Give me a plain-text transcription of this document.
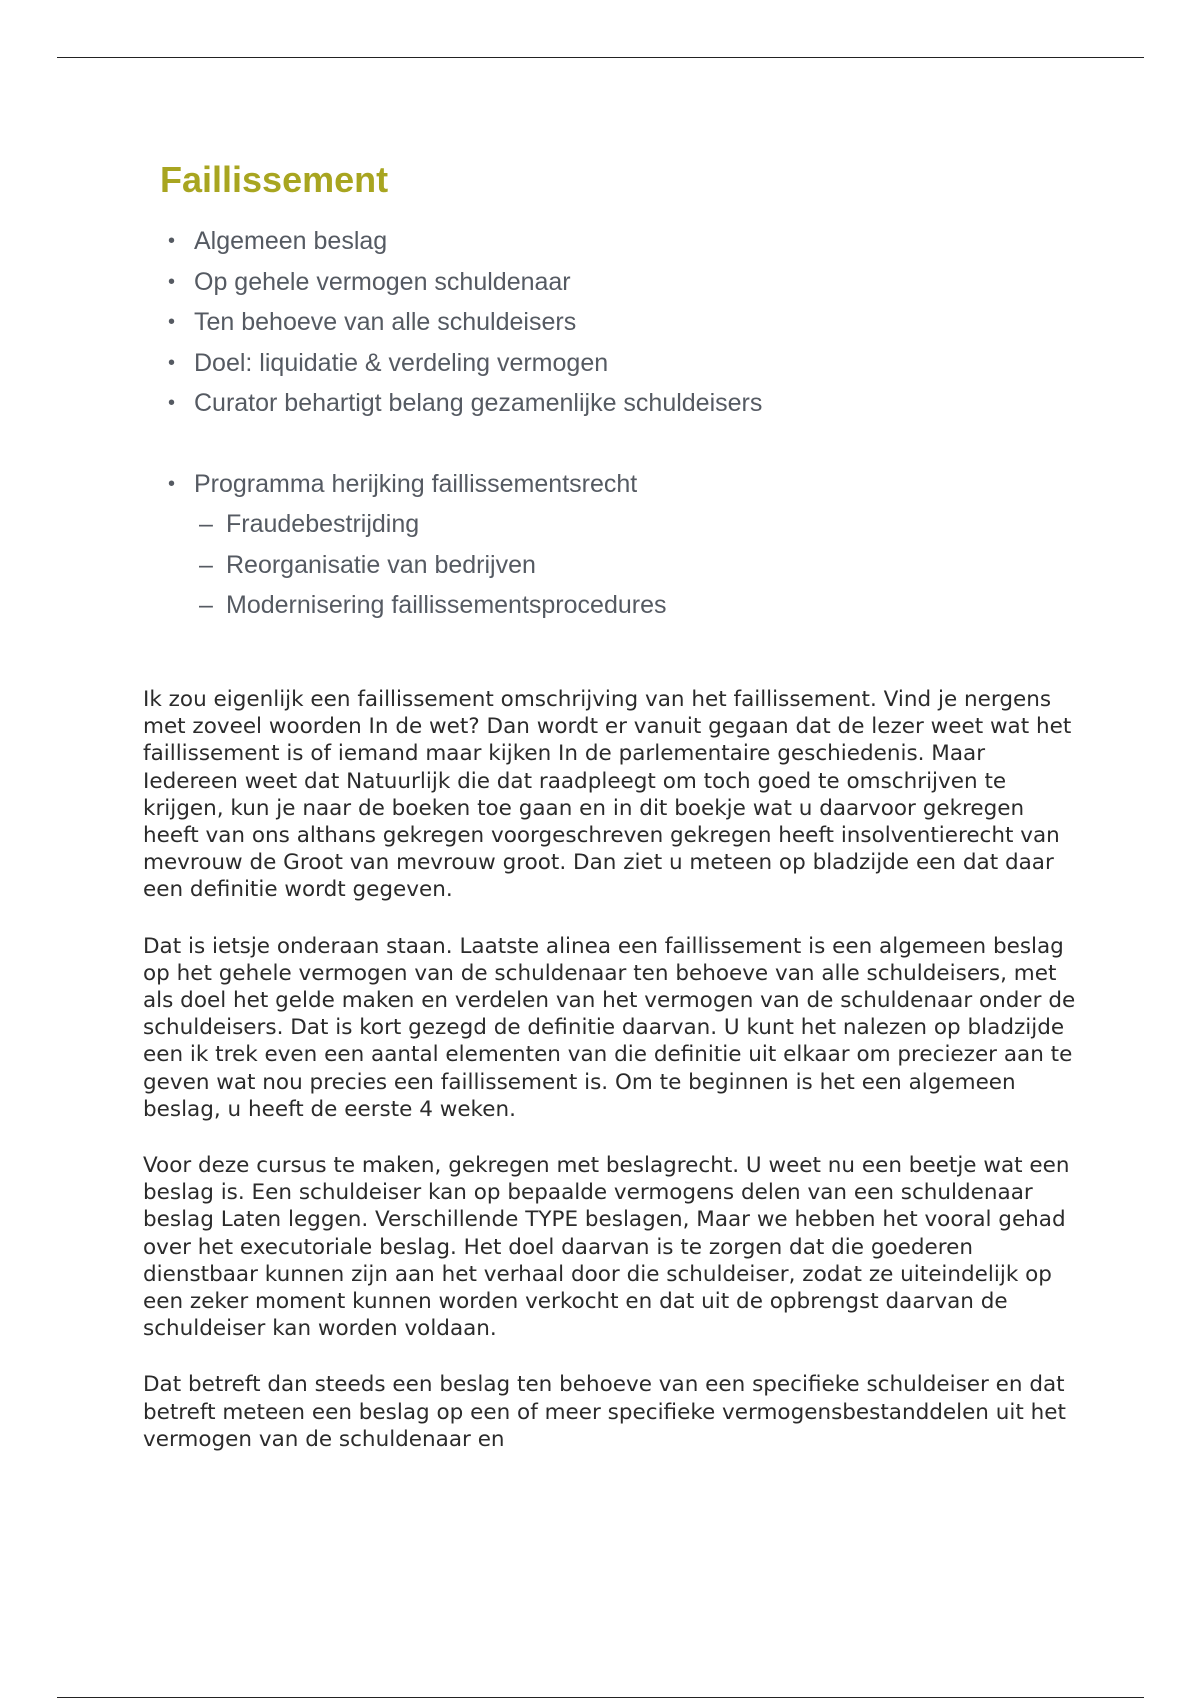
Faillissement
• Algemeen beslag
• Op gehele vermogen schuldenaar
• Ten behoeve van alle schuldeisers
• Doel: liquidatie & verdeling vermogen
• Curator behartigt belang gezamenlijke schuldeisers
• Programma herijking faillissementsrecht
– Fraudebestrijding
– Reorganisatie van bedrijven
– Modernisering faillissementsprocedures

Ik zou eigenlijk een faillissement omschrijving van het faillissement. Vind je nergens met zoveel woorden In de wet? Dan wordt er vanuit gegaan dat de lezer weet wat het faillissement is of iemand maar kijken In de parlementaire geschiedenis. Maar Iedereen weet dat Natuurlijk die dat raadpleegt om toch goed te omschrijven te krijgen, kun je naar de boeken toe gaan en in dit boekje wat u daarvoor gekregen heeft van ons althans gekregen voorgeschreven gekregen heeft insolventierecht van mevrouw de Groot van mevrouw groot. Dan ziet u meteen op bladzijde een dat daar een definitie wordt gegeven.

Dat is ietsje onderaan staan. Laatste alinea een faillissement is een algemeen beslag op het gehele vermogen van de schuldenaar ten behoeve van alle schuldeisers, met als doel het gelde maken en verdelen van het vermogen van de schuldenaar onder de schuldeisers. Dat is kort gezegd de definitie daarvan. U kunt het nalezen op bladzijde een ik trek even een aantal elementen van die definitie uit elkaar om preciezer aan te geven wat nou precies een faillissement is. Om te beginnen is het een algemeen beslag, u heeft de eerste 4 weken.

Voor deze cursus te maken, gekregen met beslagrecht. U weet nu een beetje wat een beslag is. Een schuldeiser kan op bepaalde vermogens delen van een schuldenaar beslag Laten leggen. Verschillende TYPE beslagen, Maar we hebben het vooral gehad over het executoriale beslag. Het doel daarvan is te zorgen dat die goederen dienstbaar kunnen zijn aan het verhaal door die schuldeiser, zodat ze uiteindelijk op een zeker moment kunnen worden verkocht en dat uit de opbrengst daarvan de schuldeiser kan worden voldaan.

Dat betreft dan steeds een beslag ten behoeve van een specifieke schuldeiser en dat betreft meteen een beslag op een of meer specifieke vermogensbestanddelen uit het vermogen van de schuldenaar en
